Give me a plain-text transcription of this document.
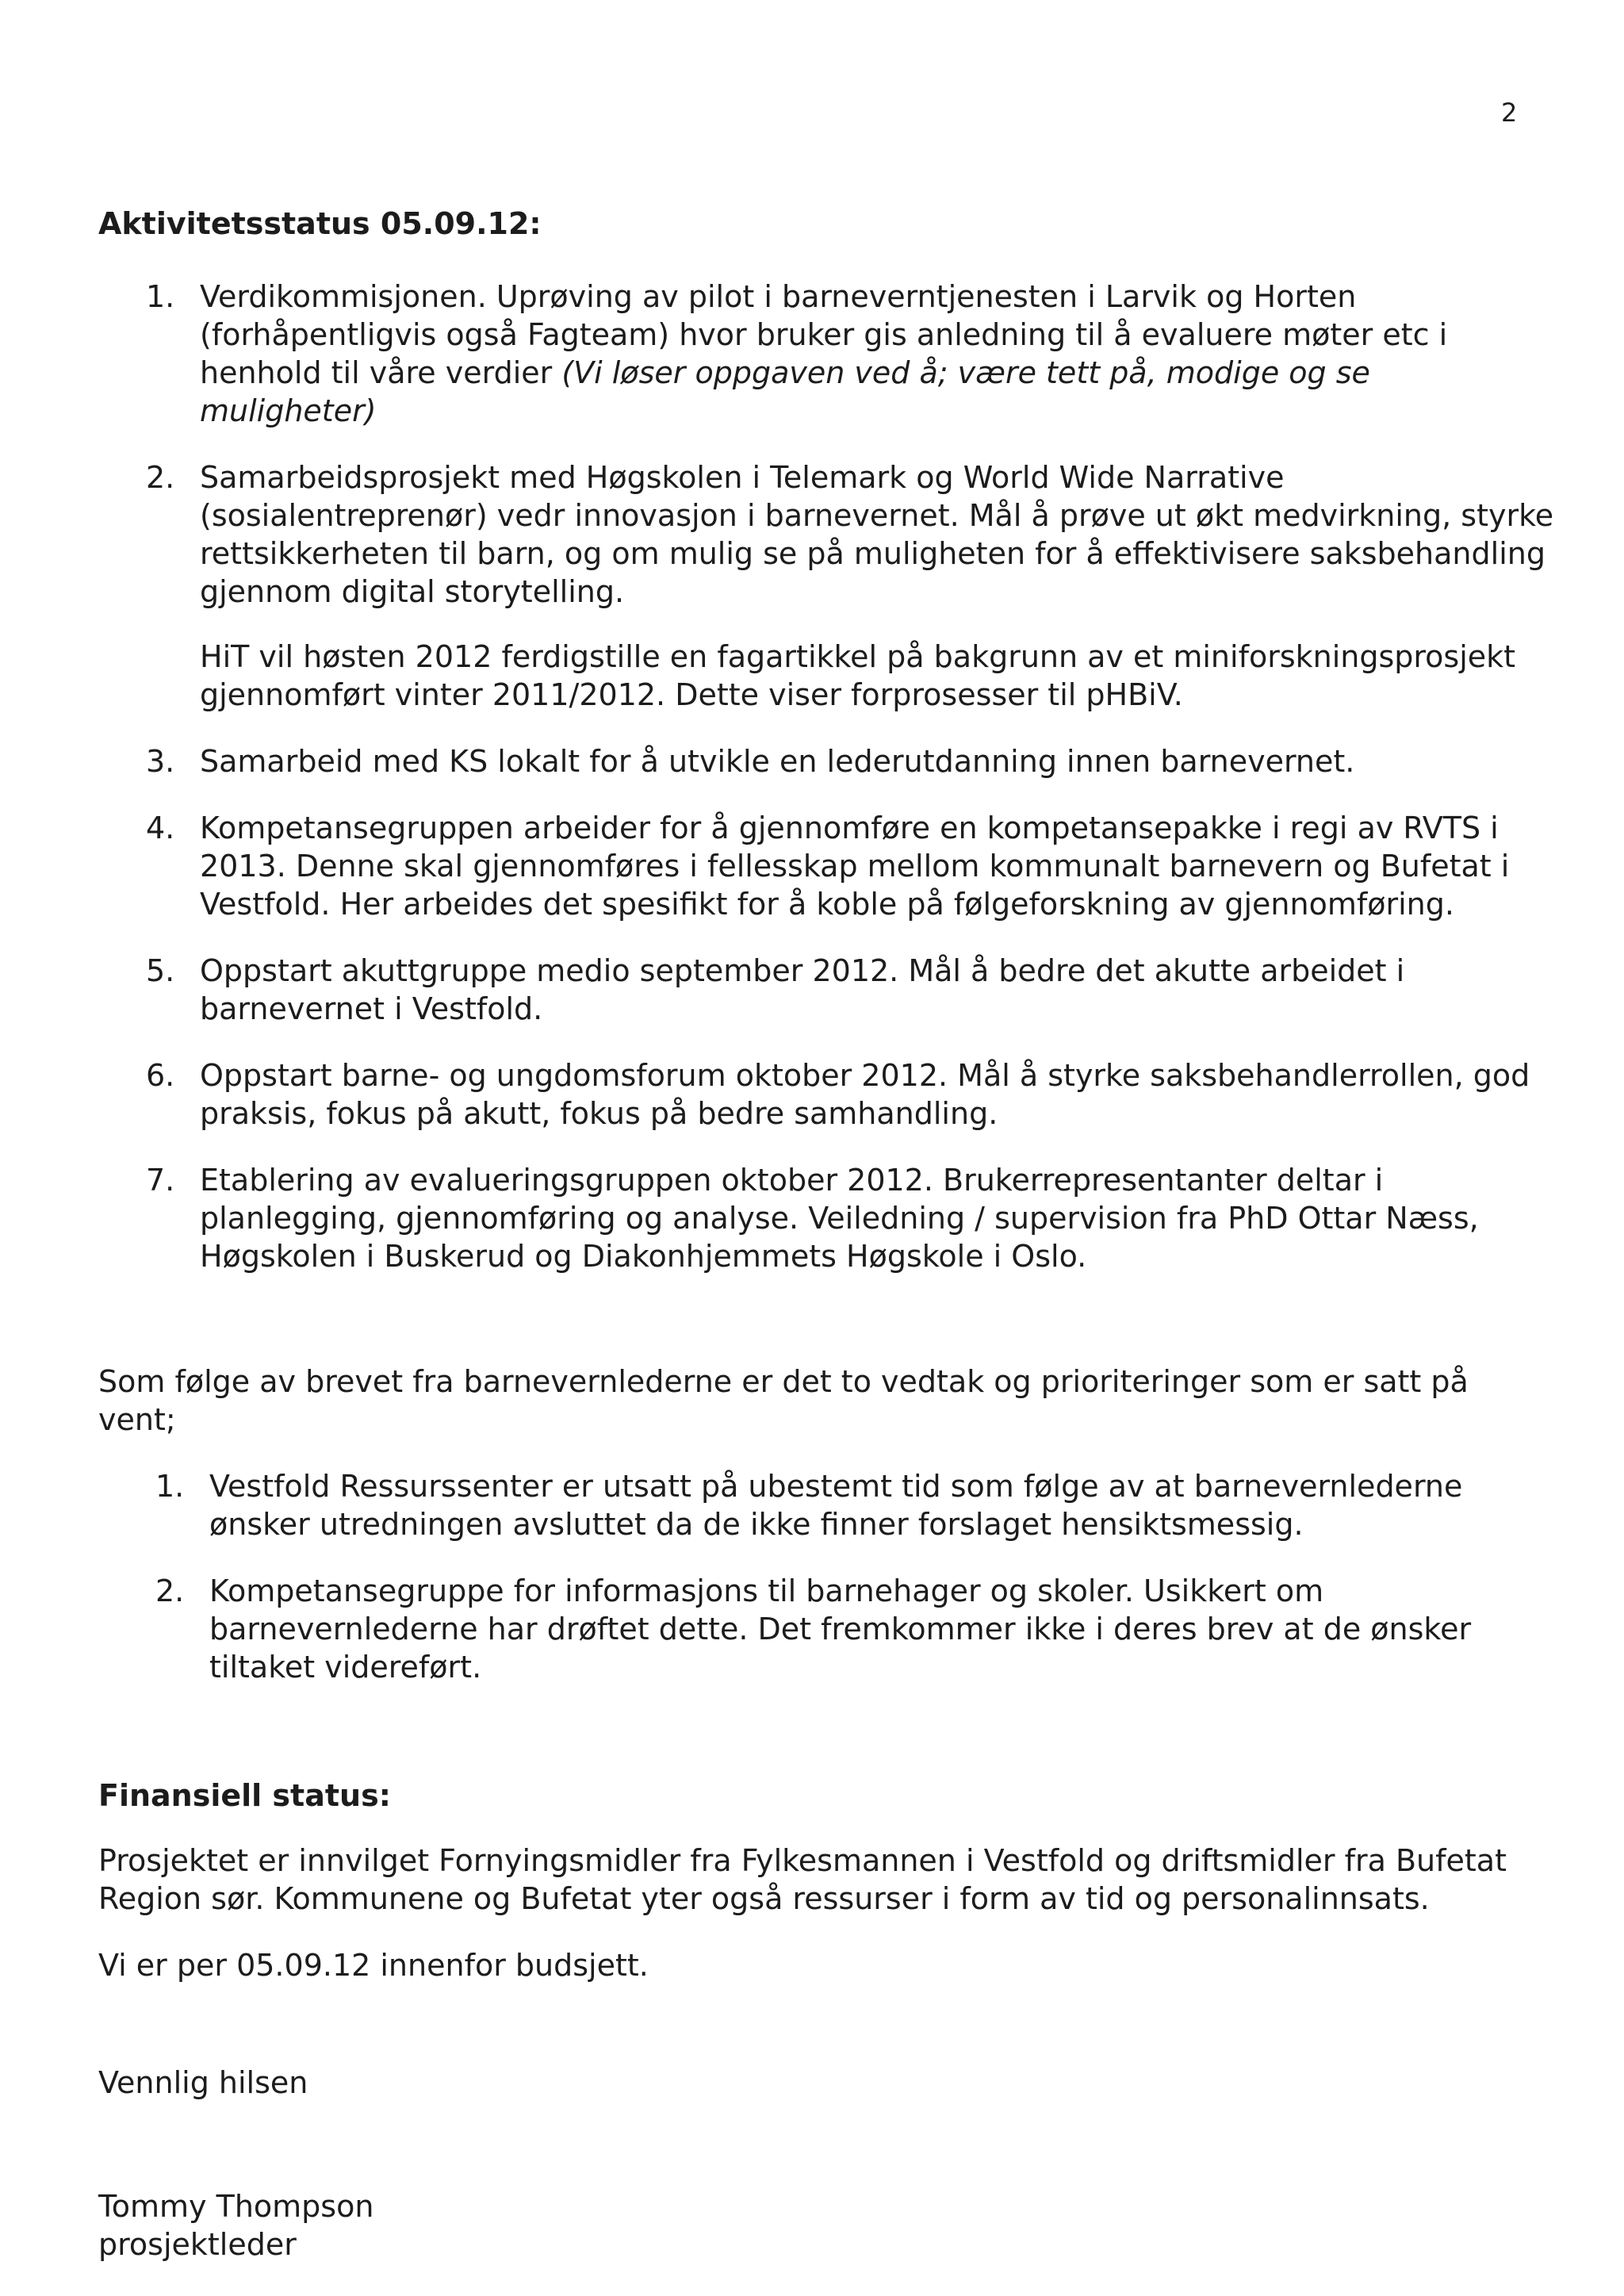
2

Aktivitetsstatus 05.09.12:

1. Verdikommisjonen. Uprøving av pilot i barneverntjenesten i Larvik og Horten (forhåpentligvis også Fagteam) hvor bruker gis anledning til å evaluere møter etc i henhold til våre verdier (Vi løser oppgaven ved å; være tett på, modige og se muligheter)

2. Samarbeidsprosjekt med Høgskolen i Telemark og World Wide Narrative (sosialentreprenør) vedr innovasjon i barnevernet. Mål å prøve ut økt medvirkning, styrke rettsikkerheten til barn, og om mulig se på muligheten for å effektivisere saksbehandling gjennom digital storytelling.

HiT vil høsten 2012 ferdigstille en fagartikkel på bakgrunn av et miniforskningsprosjekt gjennomført vinter 2011/2012. Dette viser forprosesser til pHBiV.

3. Samarbeid med KS lokalt for å utvikle en lederutdanning innen barnevernet.

4. Kompetansegruppen arbeider for å gjennomføre en kompetansepakke i regi av RVTS i 2013. Denne skal gjennomføres i fellesskap mellom kommunalt barnevern og Bufetat i Vestfold. Her arbeides det spesifikt for å koble på følgeforskning av gjennomføring.

5. Oppstart akuttgruppe medio september 2012. Mål å bedre det akutte arbeidet i barnevernet i Vestfold.

6. Oppstart barne- og ungdomsforum oktober 2012. Mål å styrke saksbehandlerrollen, god praksis, fokus på akutt, fokus på bedre samhandling.

7. Etablering av evalueringsgruppen oktober 2012. Brukerrepresentanter deltar i planlegging, gjennomføring og analyse. Veiledning / supervision fra PhD Ottar Næss, Høgskolen i Buskerud og Diakonhjemmets Høgskole i Oslo.

Som følge av brevet fra barnevernlederne er det to vedtak og prioriteringer som er satt på vent;

1. Vestfold Ressurssenter er utsatt på ubestemt tid som følge av at barnevernlederne ønsker utredningen avsluttet da de ikke finner forslaget hensiktsmessig.

2. Kompetansegruppe for informasjons til barnehager og skoler. Usikkert om barnevernlederne har drøftet dette. Det fremkommer ikke i deres brev at de ønsker tiltaket videreført.

Finansiell status:

Prosjektet er innvilget Fornyingsmidler fra Fylkesmannen i Vestfold og driftsmidler fra Bufetat Region sør. Kommunene og Bufetat yter også ressurser i form av tid og personalinnsats.

Vi er per 05.09.12 innenfor budsjett.

Vennlig hilsen

Tommy Thompson

prosjektleder
